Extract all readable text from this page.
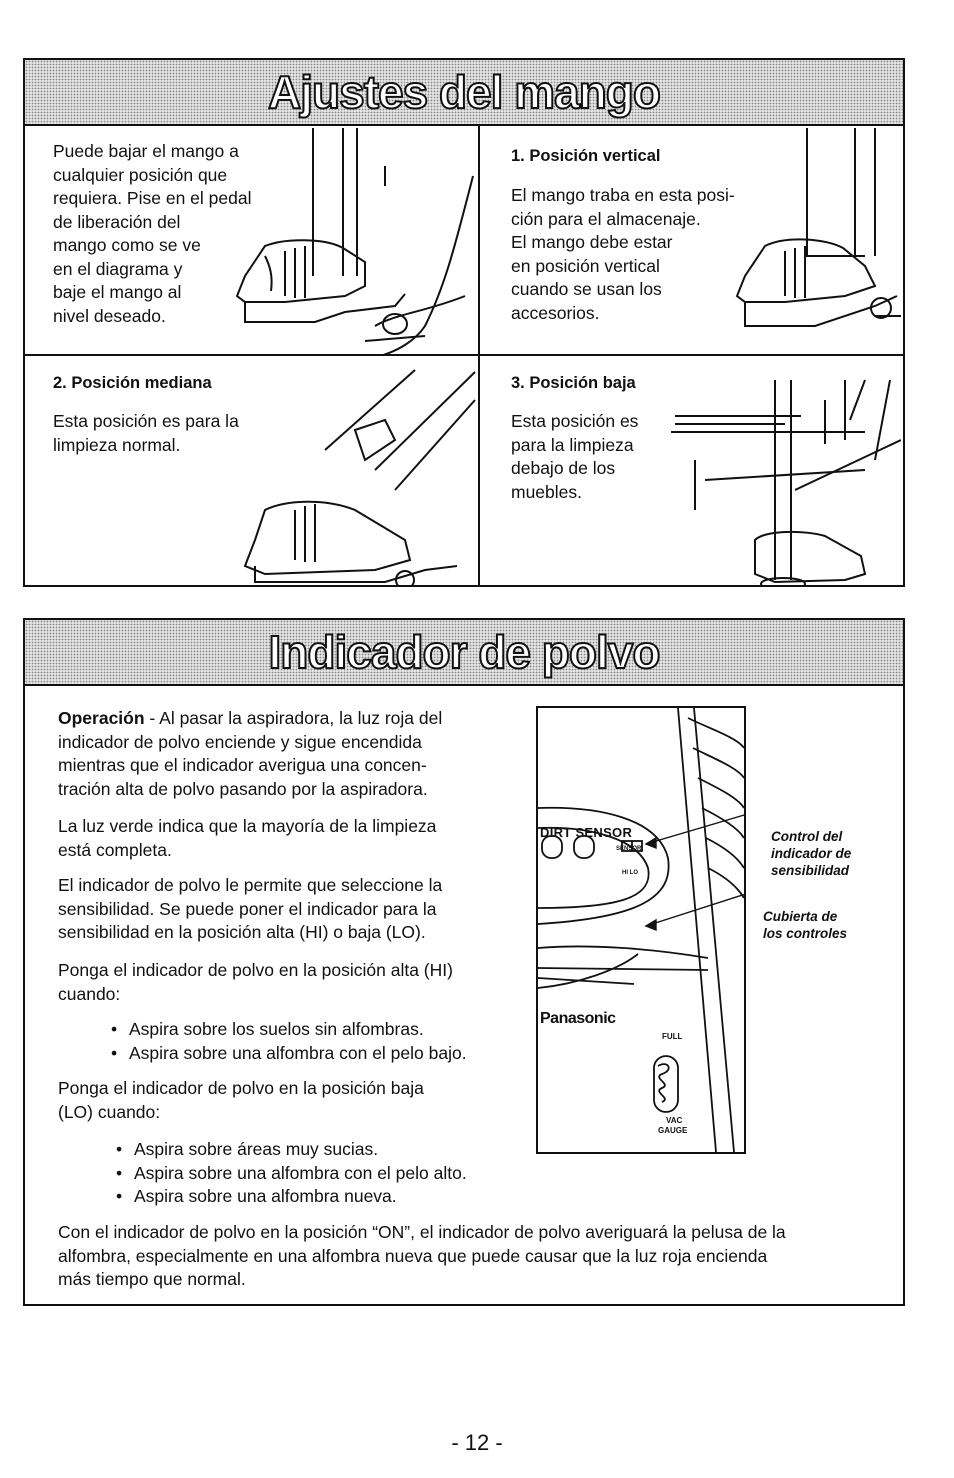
Ajustes del mango
Puede bajar el mango a
cualquier posición que
requiera. Pise en el pedal
de liberación del
mango como se ve
en el diagrama y
baje el mango al
nivel deseado.
1. Posición vertical
El mango traba en esta posi-
ción para el almacenaje.
El mango debe estar
en posición vertical
cuando se usan los
accesorios.
2. Posición mediana
Esta posición es para la
limpieza normal.
3. Posición baja
Esta posición es
para la limpieza
debajo de los
muebles.
Indicador de polvo
Operación - Al pasar la aspiradora, la luz roja del
indicador de polvo enciende y sigue encendida
mientras que el indicador averigua una concen-
tración alta de polvo pasando por la aspiradora.
La luz verde indica que la mayoría de la limpieza
está completa.
El indicador de polvo le permite que seleccione la
sensibilidad. Se puede poner el indicador para la
sensibilidad en la posición alta (HI) o baja (LO).
Ponga el indicador de polvo en la posición alta (HI)
cuando:
• Aspira sobre los suelos sin alfombras.
• Aspira sobre una alfombra con el pelo bajo.
Ponga el indicador de polvo en la posición baja
(LO) cuando:
• Aspira sobre áreas muy sucias.
• Aspira sobre una alfombra con el pelo alto.
• Aspira sobre una alfombra nueva.
Con el indicador de polvo en la posición “ON”, el indicador de polvo averiguará la pelusa de la
alfombra, especialmente en una alfombra nueva que puede causar que la luz roja encienda
más tiempo que normal.
DIRT SENSOR
SENSOR
HI LO
Panasonic
FULL
VAC
GAUGE
Control del
indicador de
sensibilidad
Cubierta de
los controles
- 12 -
